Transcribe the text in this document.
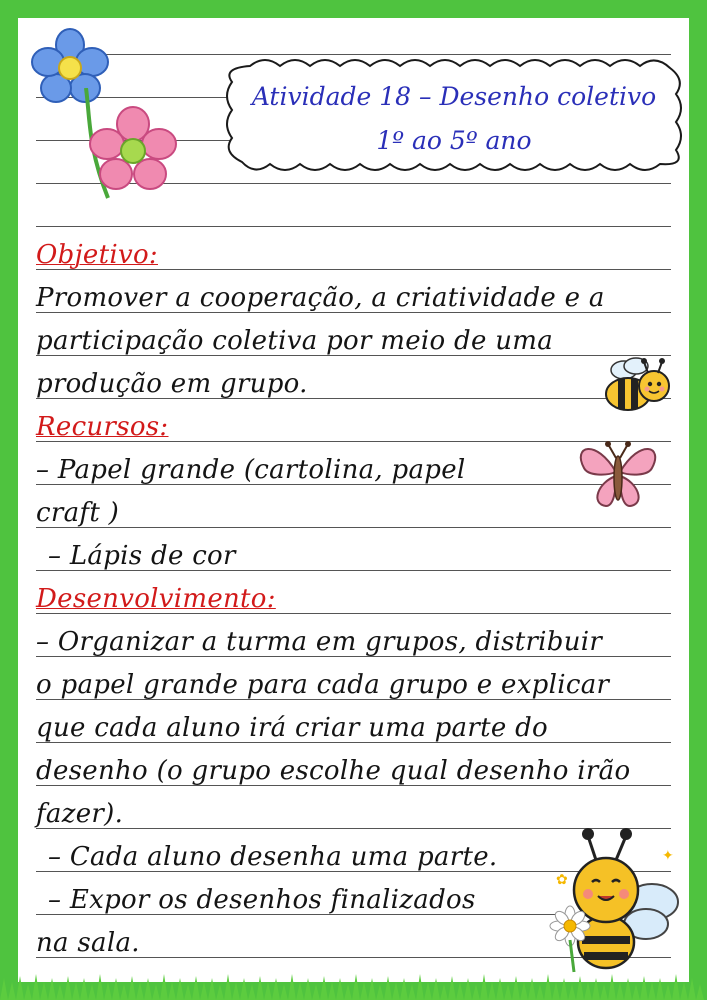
Atividade 18 – Desenho coletivo
1º ao 5º ano
Objetivo:
Promover a cooperação, a criatividade e a
participação coletiva por meio de uma
produção em grupo.
Recursos:
– Papel grande (cartolina, papel
craft )
– Lápis de cor
Desenvolvimento:
– Organizar a turma em grupos, distribuir
o papel grande para cada grupo e explicar
que cada aluno irá criar uma parte do
desenho (o grupo escolhe qual desenho irão
fazer).
– Cada aluno desenha uma parte.
– Expor os desenhos finalizados
na sala.
✿
✦
